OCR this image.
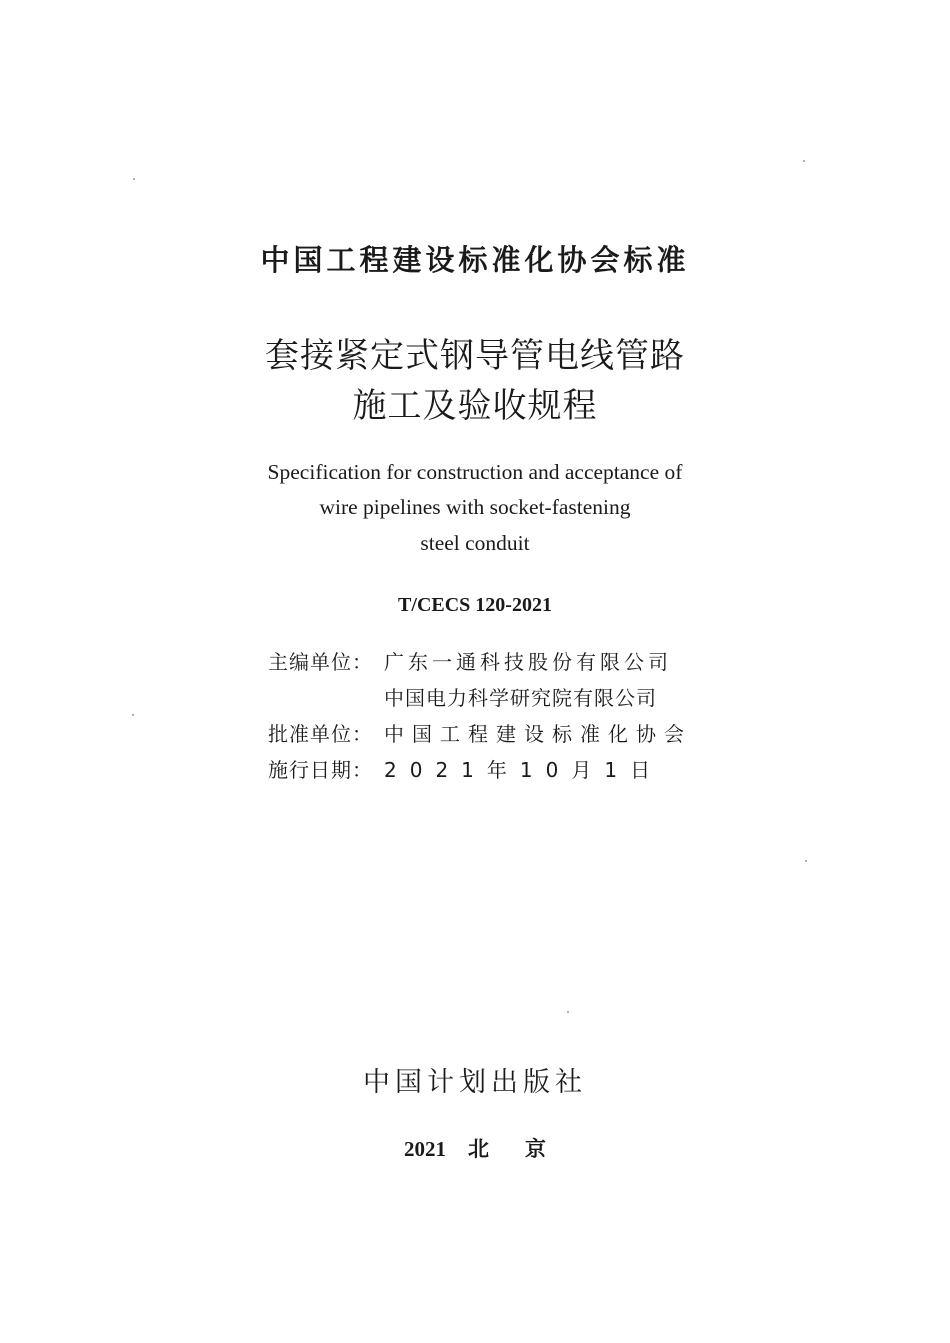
中国工程建设标准化协会标准
套接紧定式钢导管电线管路
施工及验收规程
Specification for construction and acceptance of
wire pipelines with socket-fastening
steel conduit
T/CECS 120-2021
主编单位： 广东一通科技股份有限公司
中国电力科学研究院有限公司
批准单位： 中国工程建设标准化协会
施行日期： 2021年10月1日
中国计划出版社
2021 北 京
